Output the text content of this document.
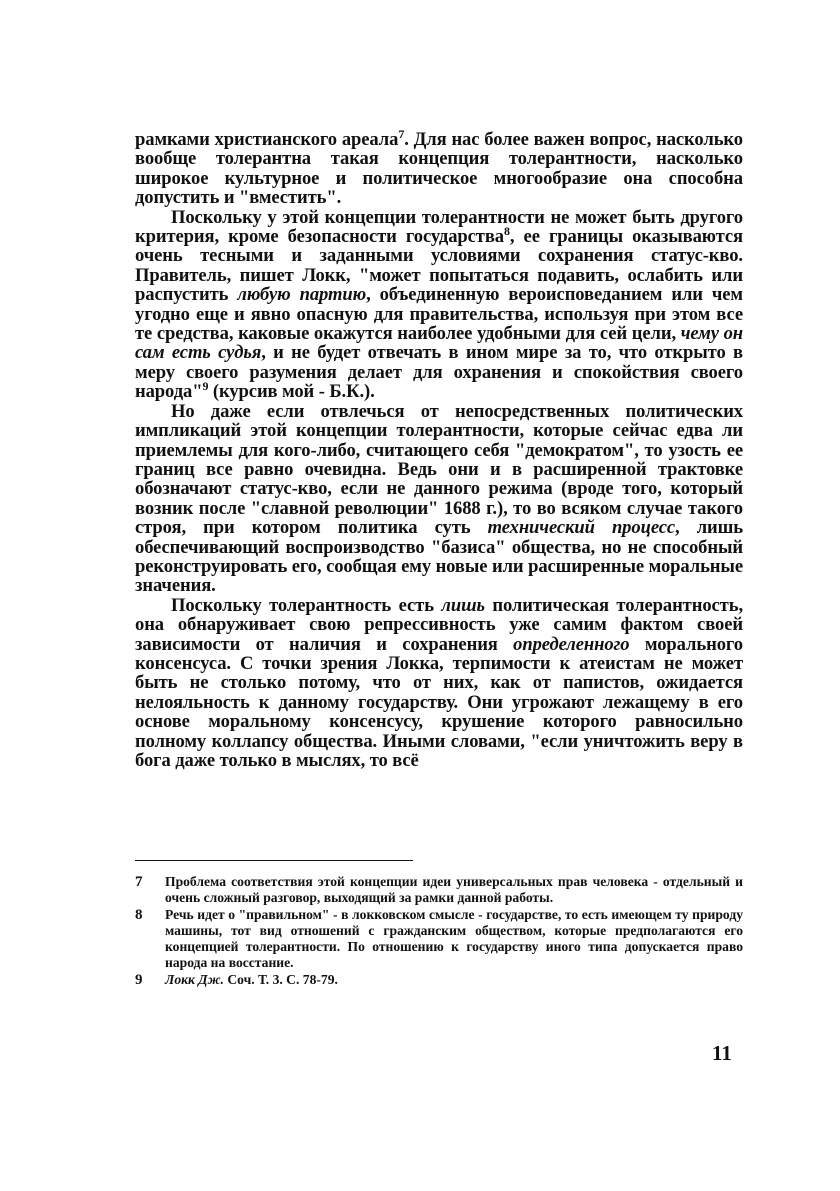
рамками христианского ареала$^7$. Для нас более важен вопрос, насколько вообще толерантна такая концепция толерантности, насколько широкое культурное и политическое многообразие она способна допустить и "вместить".

Поскольку у этой концепции толерантности не может быть другого критерия, кроме безопасности государства$^8$, ее границы оказываются очень тесными и заданными условиями сохранения статус-кво. Правитель, пишет Локк, "может попытаться подавить, ослабить или распустить любую партию, объединенную вероисповеданием или чем угодно еще и явно опасную для правительства, используя при этом все те средства, каковые окажутся наиболее удобными для сей цели, чему он сам есть судья, и не будет отвечать в ином мире за то, что открыто в меру своего разумения делает для охранения и спокойствия своего народа"$^9$ (курсив мой - Б.К.).

Но даже если отвлечься от непосредственных политических импликаций этой концепции толерантности, которые сейчас едва ли приемлемы для кого-либо, считающего себя "демократом", то узость ее границ все равно очевидна. Ведь они и в расширенной трактовке обозначают статус-кво, если не данного режима (вроде того, который возник после "славной революции" 1688 г.), то во всяком случае такого строя, при котором политика суть технический процесс, лишь обеспечивающий воспроизводство "базиса" общества, но не способный реконструировать его, сообщая ему новые или расширенные моральные значения.

Поскольку толерантность есть лишь политическая толерантность, она обнаруживает свою репрессивность уже самим фактом своей зависимости от наличия и сохранения определенного морального консенсуса. С точки зрения Локка, терпимости к атеистам не может быть не столько потому, что от них, как от папистов, ожидается нелояльность к данному государству. Они угрожают лежащему в его основе моральному консенсусу, крушение которого равносильно полному коллапсу общества. Иными словами, "если уничтожить веру в бога даже только в мыслях, то всё

7	Проблема соответствия этой концепции идеи универсальных прав человека - отдельный и очень сложный разговор, выходящий за рамки данной работы.
8	Речь идет о "правильном" - в локковском смысле - государстве, то есть имеющем ту природу машины, тот вид отношений с гражданским обществом, которые предполагаются его концепцией толерантности. По отношению к государству иного типа допускается право народа на восстание.
9	Локк Дж. Соч. Т. 3. С. 78-79.
11
